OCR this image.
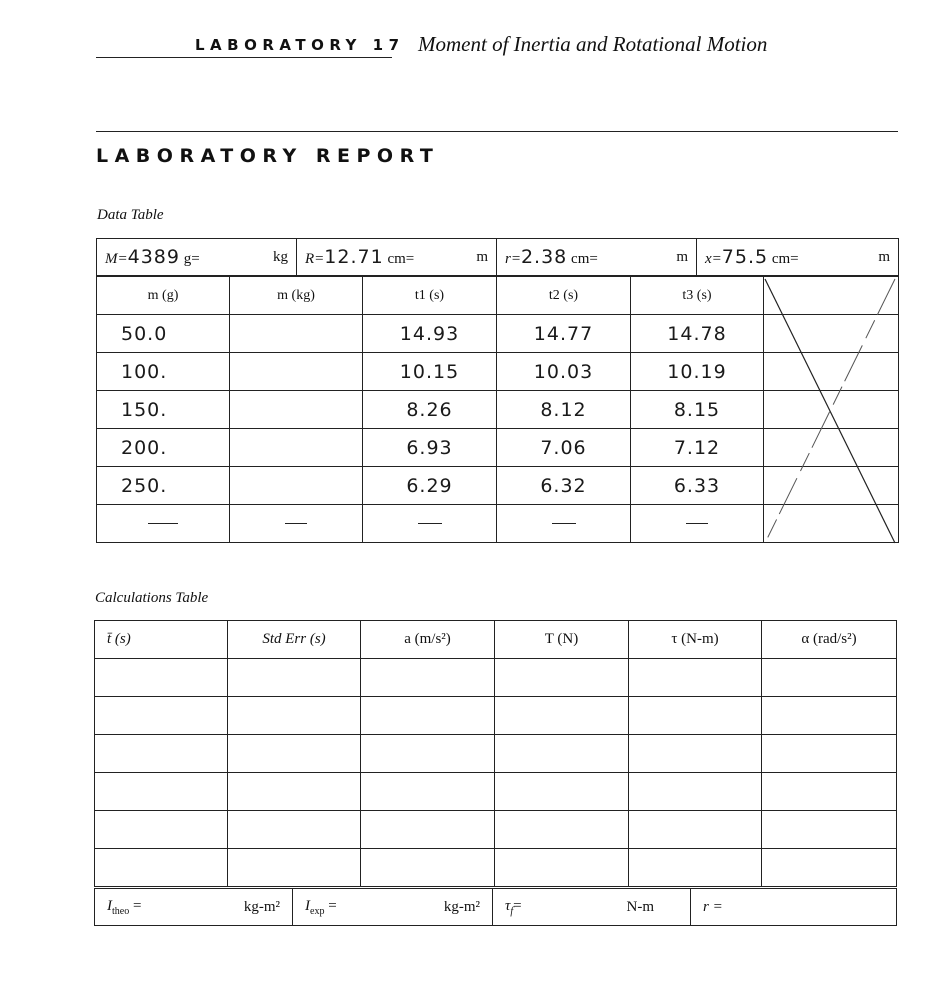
LABORATORY 17 Moment of Inertia and Rotational Motion
LABORATORY REPORT
Data Table
M=4389 g=	kg	R=12.71 cm=	m	r=2.38 cm=	m	x=75.5 cm=	m
m (g)	m (kg)	t1 (s)	t2 (s)	t3 (s)	
50.0		14.93	14.77	14.78	
100.		10.15	10.03	10.19	
150.		8.26	8.12	8.15	
200.		6.93	7.06	7.12	
250.		6.29	6.32	6.33	

Calculations Table
t̄ (s)	Std Err (s)	a (m/s²)	T (N)	τ (N-m)	α (rad/s²)

$I_{theo}$ =	kg-m²	$I_{exp}$ =	kg-m²	$\tau_f=$	N-m	r =
